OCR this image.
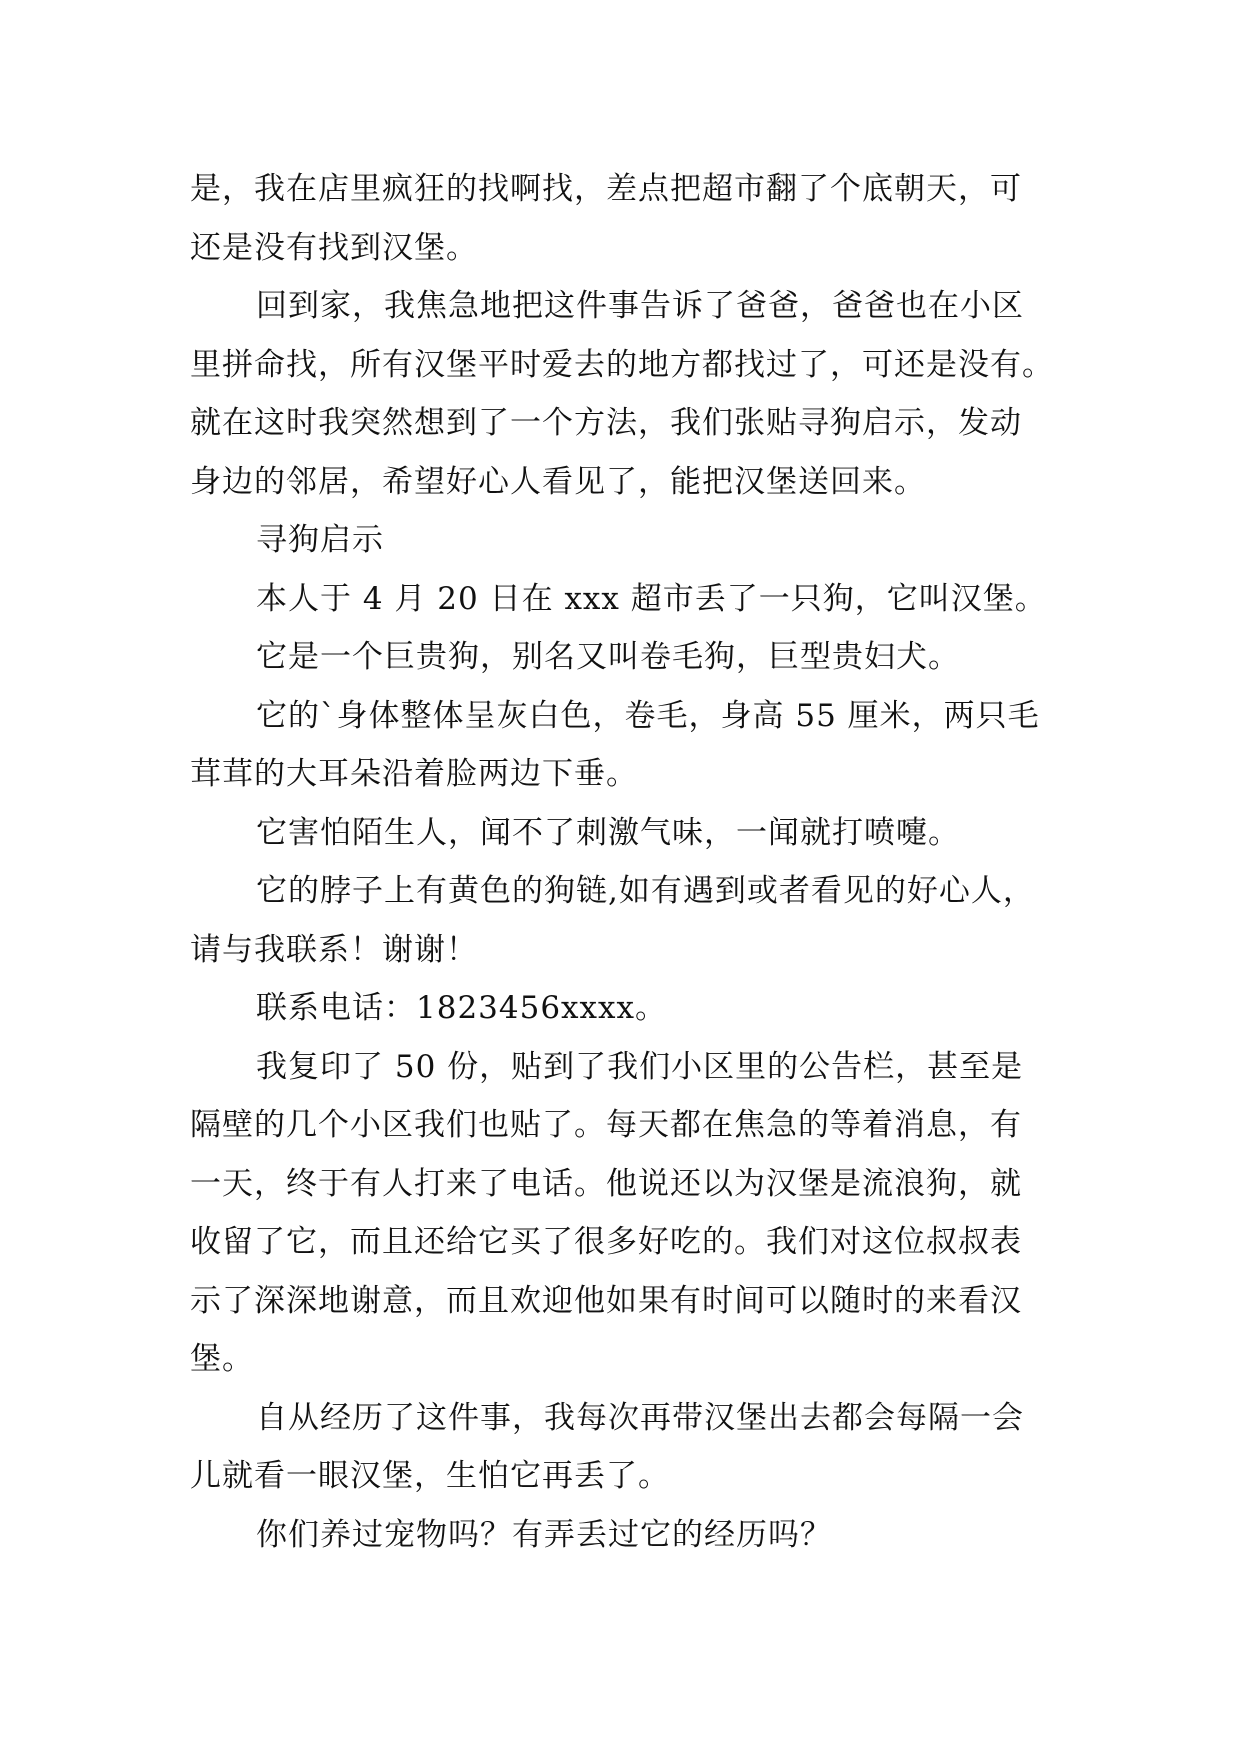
是，我在店里疯狂的找啊找，差点把超市翻了个底朝天，可
还是没有找到汉堡。
回到家，我焦急地把这件事告诉了爸爸，爸爸也在小区
里拼命找，所有汉堡平时爱去的地方都找过了，可还是没有。
就在这时我突然想到了一个方法，我们张贴寻狗启示，发动
身边的邻居，希望好心人看见了，能把汉堡送回来。
寻狗启示
本人于 4 月 20 日在 xxx 超市丢了一只狗，它叫汉堡。
它是一个巨贵狗，别名又叫卷毛狗，巨型贵妇犬。
它的`身体整体呈灰白色，卷毛，身高 55 厘米，两只毛
茸茸的大耳朵沿着脸两边下垂。
它害怕陌生人，闻不了刺激气味，一闻就打喷嚏。
它的脖子上有黄色的狗链,如有遇到或者看见的好心人，
请与我联系！谢谢！
联系电话：1823456xxxx。
我复印了 50 份，贴到了我们小区里的公告栏，甚至是
隔壁的几个小区我们也贴了。每天都在焦急的等着消息，有
一天，终于有人打来了电话。他说还以为汉堡是流浪狗，就
收留了它，而且还给它买了很多好吃的。我们对这位叔叔表
示了深深地谢意，而且欢迎他如果有时间可以随时的来看汉
堡。
自从经历了这件事，我每次再带汉堡出去都会每隔一会
儿就看一眼汉堡，生怕它再丢了。
你们养过宠物吗？有弄丢过它的经历吗？
